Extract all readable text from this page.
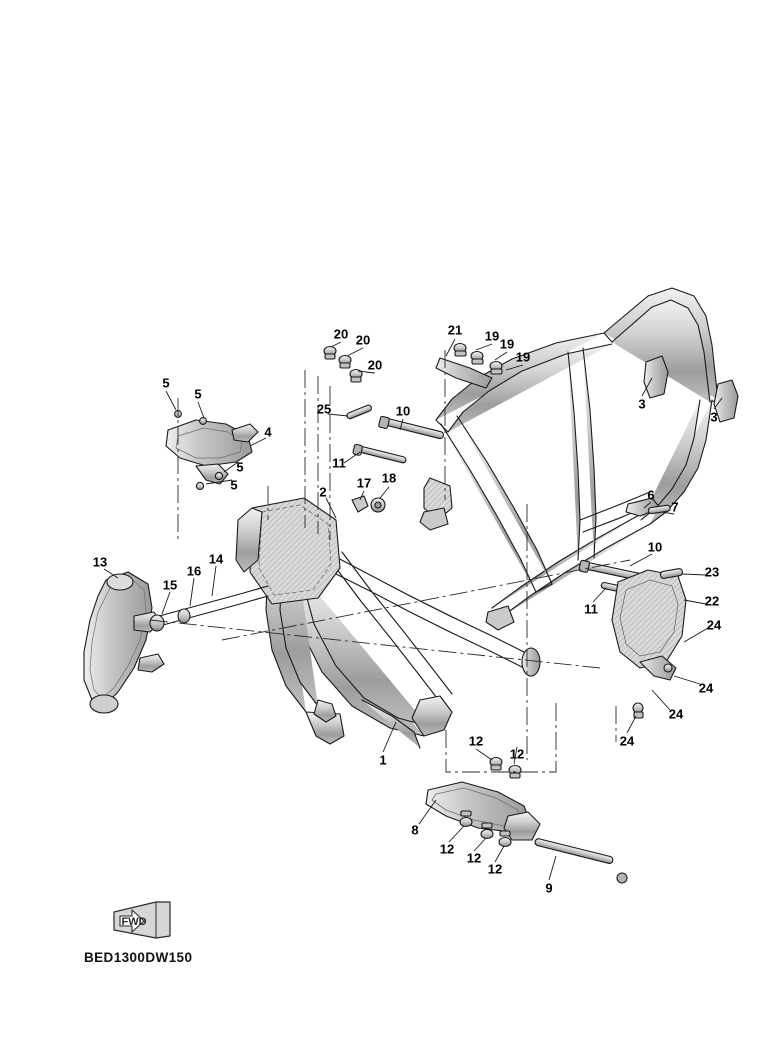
FWD
BED1300DW150
20 20
20
21 19
19
19
3
3
5
5
4
5
5
25	10
11
18
17
2	6
7
10
11
13	14
16
15
23
22
24
24
24
24
1
12
12
8
12
12
12
9
